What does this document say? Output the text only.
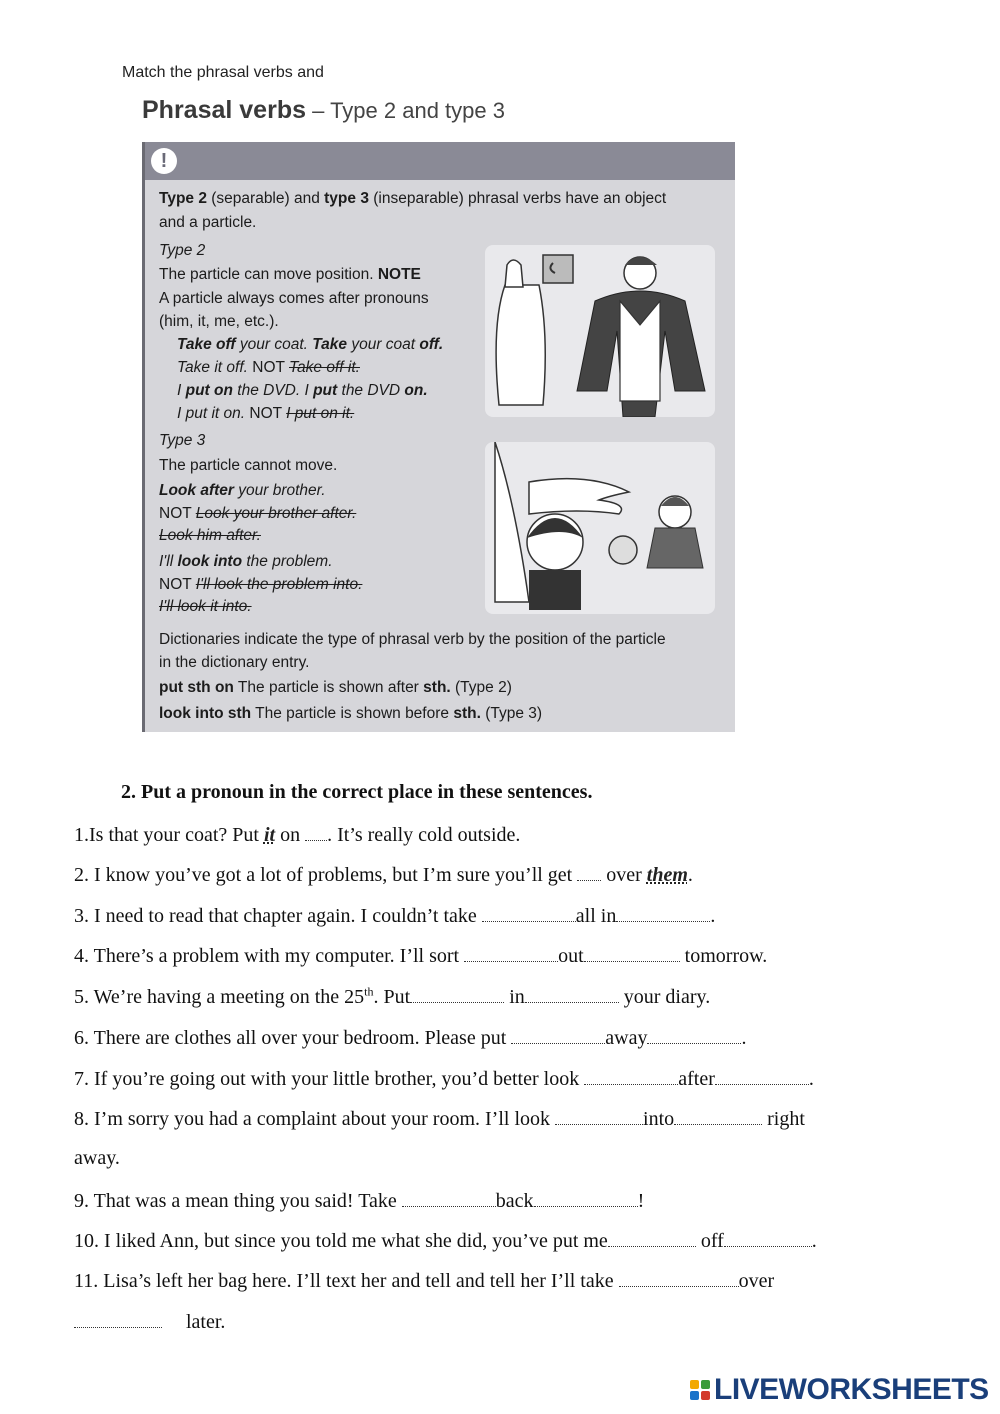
Match the phrasal verbs and
Phrasal verbs – Type 2 and type 3
!
Type 2 (separable) and type 3 (inseparable) phrasal verbs have an object
and a particle.
Type 2
The particle can move position. NOTE
A particle always comes after pronouns
(him, it, me, etc.).
Take off your coat. Take your coat off.
Take it off. NOT Take off it.
I put on the DVD. I put the DVD on.
I put it on. NOT I put on it.
Type 3
The particle cannot move.
Look after your brother.
NOT Look your brother after.
Look him after.
I'll look into the problem.
NOT I'll look the problem into.
I'll look it into.
Dictionaries indicate the type of phrasal verb by the position of the particle
in the dictionary entry.
put sth on The particle is shown after sth. (Type 2)
look into sth The particle is shown before sth. (Type 3)
2. Put a pronoun in the correct place in these sentences.
1.Is that your coat? Put it on . It’s really cold outside.
2. I know you’ve got a lot of problems, but I’m sure you’ll get  over them.
3. I need to read that chapter again. I couldn’t take	all in	.
4. There’s a problem with my computer. I’ll sort	out	tomorrow.
5. We’re having a meeting on the 25th. Put	in	your diary.
6. There are clothes all over your bedroom. Please put	away	.
7. If you’re going out with your little brother, you’d better look	after	.
8. I’m sorry you had a complaint about your room. I’ll look	into	right
away.
9. That was a mean thing you said! Take	back	!
10. I liked Ann, but since you told me what she did, you’ve put me	off	.
11. Lisa’s left her bag here. I’ll text her and tell and tell her I’ll take	over
later.
LIVEWORKSHEETS
